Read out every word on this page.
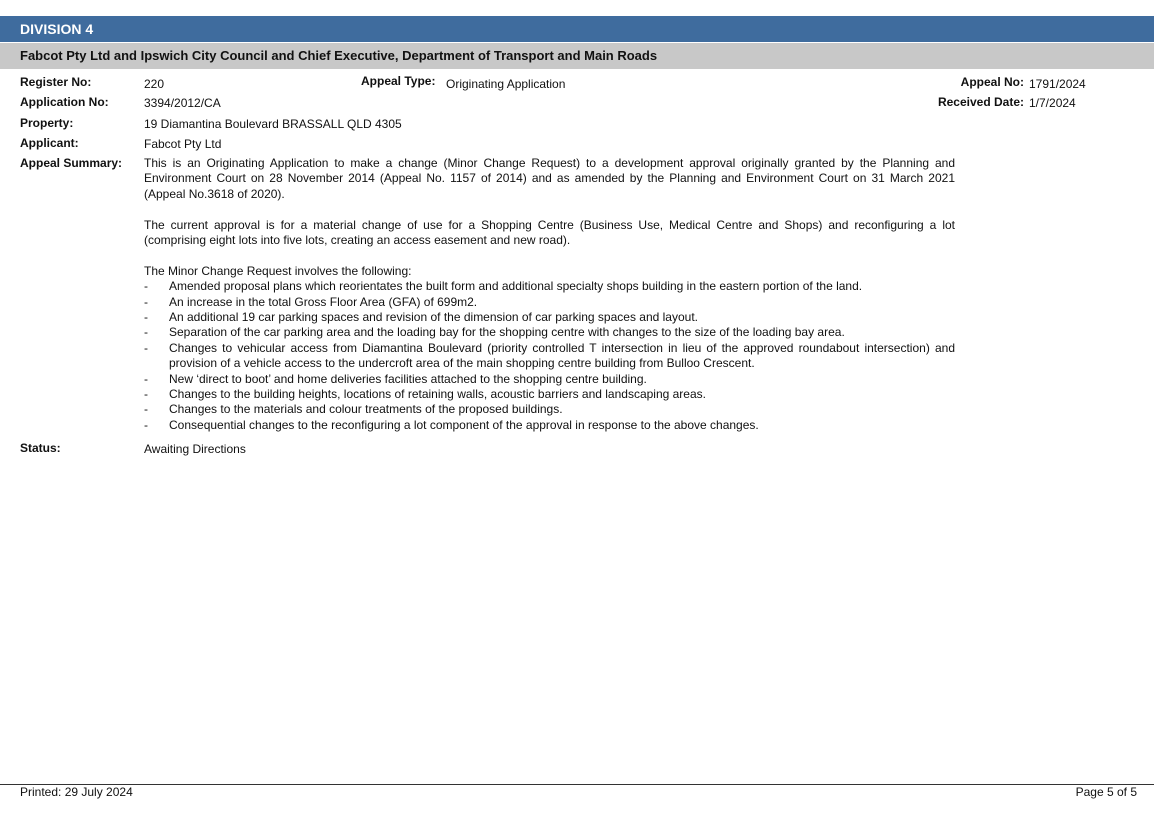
DIVISION 4
Fabcot Pty Ltd and Ipswich City Council and Chief Executive, Department of Transport and Main Roads
Register No:	220	Appeal Type: Originating Application	Appeal No: 1791/2024
Application No:	3394/2012/CA	Received Date: 1/7/2024
Property:	19 Diamantina Boulevard BRASSALL QLD 4305
Applicant:	Fabcot Pty Ltd
Appeal Summary: This is an Originating Application to make a change (Minor Change Request) to a development approval originally granted by the Planning and Environment Court on 28 November 2014 (Appeal No. 1157 of 2014) and as amended by the Planning and Environment Court on 31 March 2021 (Appeal No.3618 of 2020).

The current approval is for a material change of use for a Shopping Centre (Business Use, Medical Centre and Shops) and reconfiguring a lot (comprising eight lots into five lots, creating an access easement and new road).

The Minor Change Request involves the following:
- Amended proposal plans which reorientates the built form and additional specialty shops building in the eastern portion of the land.
- An increase in the total Gross Floor Area (GFA) of 699m2.
- An additional 19 car parking spaces and revision of the dimension of car parking spaces and layout.
- Separation of the car parking area and the loading bay for the shopping centre with changes to the size of the loading bay area.
- Changes to vehicular access from Diamantina Boulevard (priority controlled T intersection in lieu of the approved roundabout intersection) and provision of a vehicle access to the undercroft area of the main shopping centre building from Bulloo Crescent.
- New ‘direct to boot’ and home deliveries facilities attached to the shopping centre building.
- Changes to the building heights, locations of retaining walls, acoustic barriers and landscaping areas.
- Changes to the materials and colour treatments of the proposed buildings.
- Consequential changes to the reconfiguring a lot component of the approval in response to the above changes.
Status:	Awaiting Directions
Printed: 29 July 2024	Page 5 of 5
